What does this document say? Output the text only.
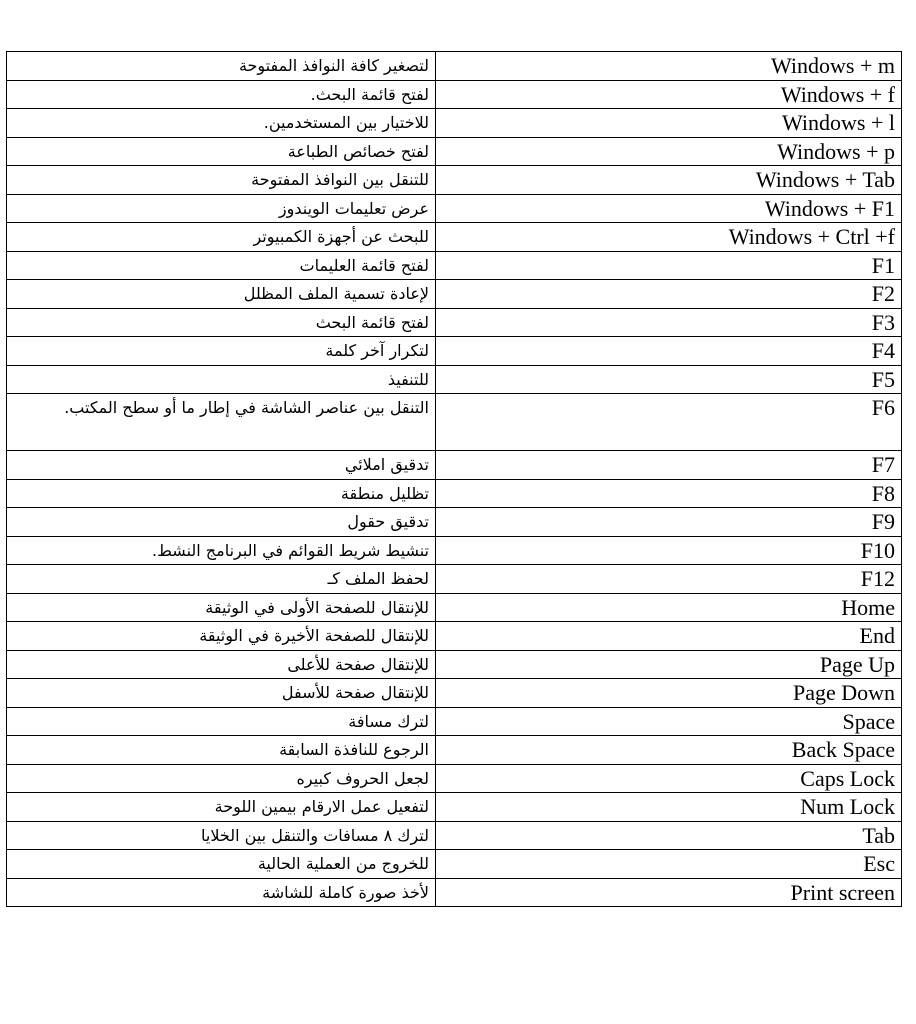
لتصغير كافة النوافذ المفتوحة	Windows + m
لفتح قائمة البحث.	Windows + f
للاختيار بين المستخدمين.	Windows + l
لفتح خصائص الطباعة	Windows + p
للتنقل بين النوافذ المفتوحة	Windows + Tab
عرض تعليمات الويندوز	Windows + F1
للبحث عن أجهزة الكمبيوتر	Windows + Ctrl +f
لفتح قائمة العليمات	F1
لإعادة تسمية الملف المظلل	F2
لفتح قائمة البحث	F3
لتكرار آخر كلمة	F4
للتنفيذ	F5
التنقل بين عناصر الشاشة في إطار ما أو سطح المكتب.	F6
تدقيق املائي	F7
تظليل منطقة	F8
تدقيق حقول	F9
تنشيط شريط القوائم في البرنامج النشط.	F10
لحفظ الملف كـ	F12
للإنتقال للصفحة الأولى في الوثيقة	Home
للإنتقال للصفحة الأخيرة في الوثيقة	End
للإنتقال صفحة للأعلى	Page Up
للإنتقال صفحة للأسفل	Page Down
لترك مسافة	Space
الرجوع للنافذة السابقة	Back Space
لجعل الحروف كبيره	Caps Lock
لتفعيل عمل الارقام بيمين اللوحة	Num Lock
لترك ٨ مسافات والتنقل بين الخلايا	Tab
للخروج من العملية الحالية	Esc
لأخذ صورة كاملة للشاشة	Print screen
